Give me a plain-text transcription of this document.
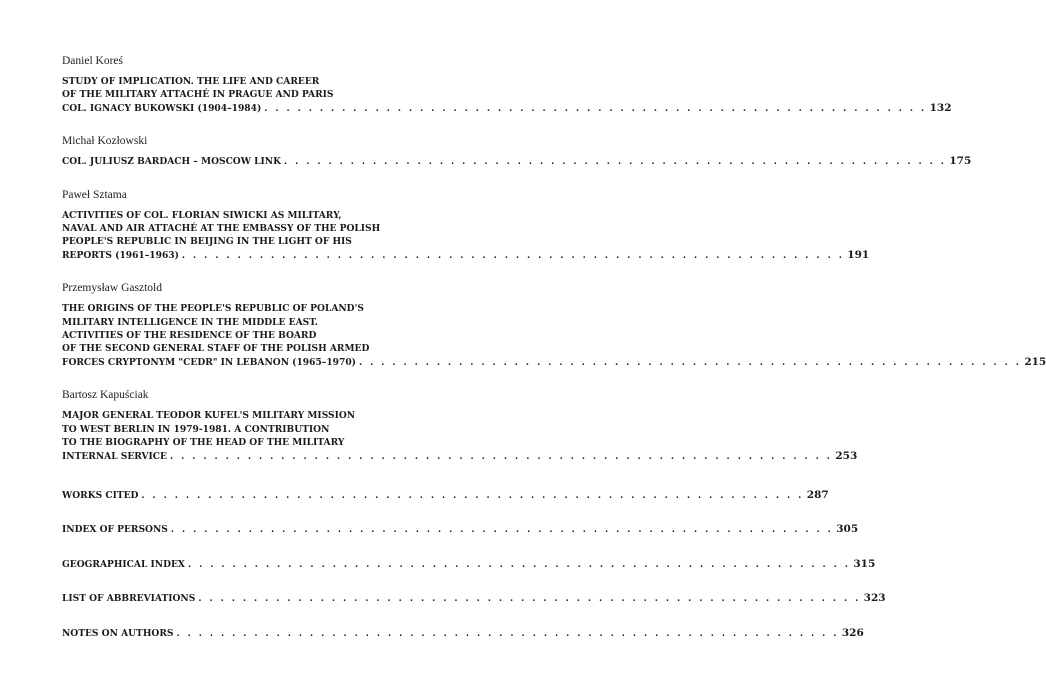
Daniel Koreś
STUDY OF IMPLICATION. THE LIFE AND CAREER
OF THE MILITARY ATTACHÉ IN PRAGUE AND PARIS
COL. IGNACY BUKOWSKI (1904–1984) . . .	132
Michał Kozłowski
COL. JULIUSZ BARDACH – MOSCOW LINK . . .	175
Paweł Sztama
ACTIVITIES OF COL. FLORIAN SIWICKI AS MILITARY,
NAVAL AND AIR ATTACHÉ AT THE EMBASSY OF THE POLISH
PEOPLE'S REPUBLIC IN BEIJING IN THE LIGHT OF HIS
REPORTS (1961–1963) . . .	191
Przemysław Gasztold
THE ORIGINS OF THE PEOPLE'S REPUBLIC OF POLAND'S
MILITARY INTELLIGENCE IN THE MIDDLE EAST.
ACTIVITIES OF THE RESIDENCE OF THE BOARD
OF THE SECOND GENERAL STAFF OF THE POLISH ARMED
FORCES CRYPTONYM "CEDR" IN LEBANON (1965–1970) . . .	215
Bartosz Kapuściak
MAJOR GENERAL TEODOR KUFEL'S MILITARY MISSION
TO WEST BERLIN IN 1979-1981. A CONTRIBUTION
TO THE BIOGRAPHY OF THE HEAD OF THE MILITARY
INTERNAL SERVICE . . .	253
WORKS CITED . . .	287
INDEX OF PERSONS . . .	305
GEOGRAPHICAL INDEX . . .	315
LIST OF ABBREVIATIONS . . .	323
NOTES ON AUTHORS . . .	326
